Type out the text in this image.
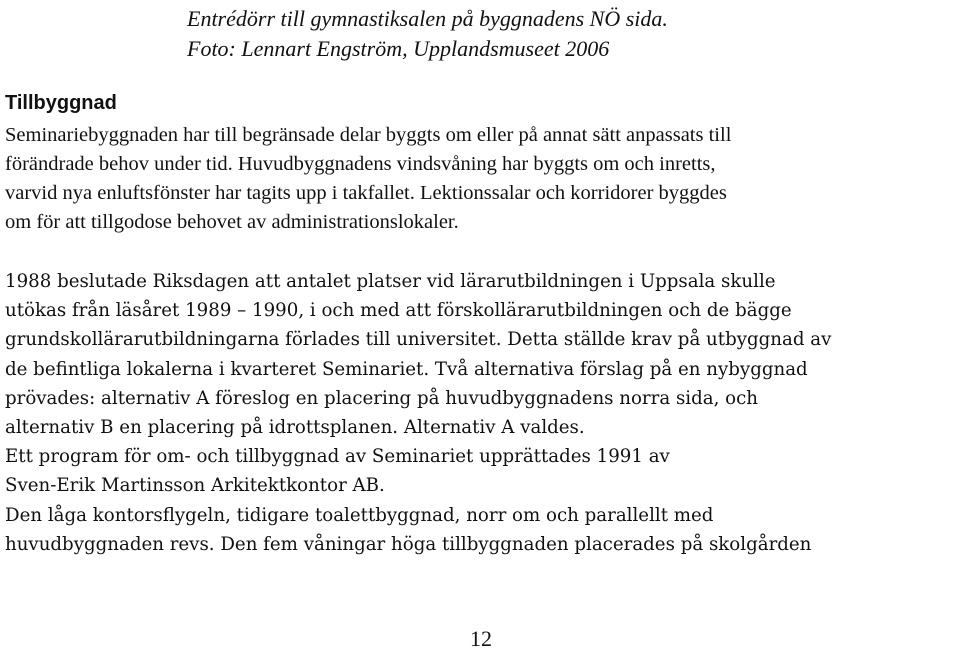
Entrédörr till gymnastiksalen på byggnadens NÖ sida.
Foto: Lennart Engström, Upplandsmuseet 2006
Tillbyggnad

Seminariebyggnaden har till begränsade delar byggts om eller på annat sätt anpassats till
förändrade behov under tid. Huvudbyggnadens vindsvåning har byggts om och inretts,
varvid nya enluftsfönster har tagits upp i takfallet. Lektionssalar och korridorer byggdes
om för att tillgodose behovet av administrationslokaler.

1988 beslutade Riksdagen att antalet platser vid lärarutbildningen i Uppsala skulle
utökas från läsåret 1989 – 1990, i och med att förskollärarutbildningen och de bägge
grundskollärarutbildningarna förlades till universitet. Detta ställde krav på utbyggnad av
de befintliga lokalerna i kvarteret Seminariet. Två alternativa förslag på en nybyggnad
prövades: alternativ A föreslog en placering på huvudbyggnadens norra sida, och
alternativ B en placering på idrottsplanen. Alternativ A valdes.
Ett program för om- och tillbyggnad av Seminariet upprättades 1991 av
Sven-Erik Martinsson Arkitektkontor AB.
Den låga kontorsflygeln, tidigare toalettbyggnad, norr om och parallellt med
huvudbyggnaden revs. Den fem våningar höga tillbyggnaden placerades på skolgården

12
